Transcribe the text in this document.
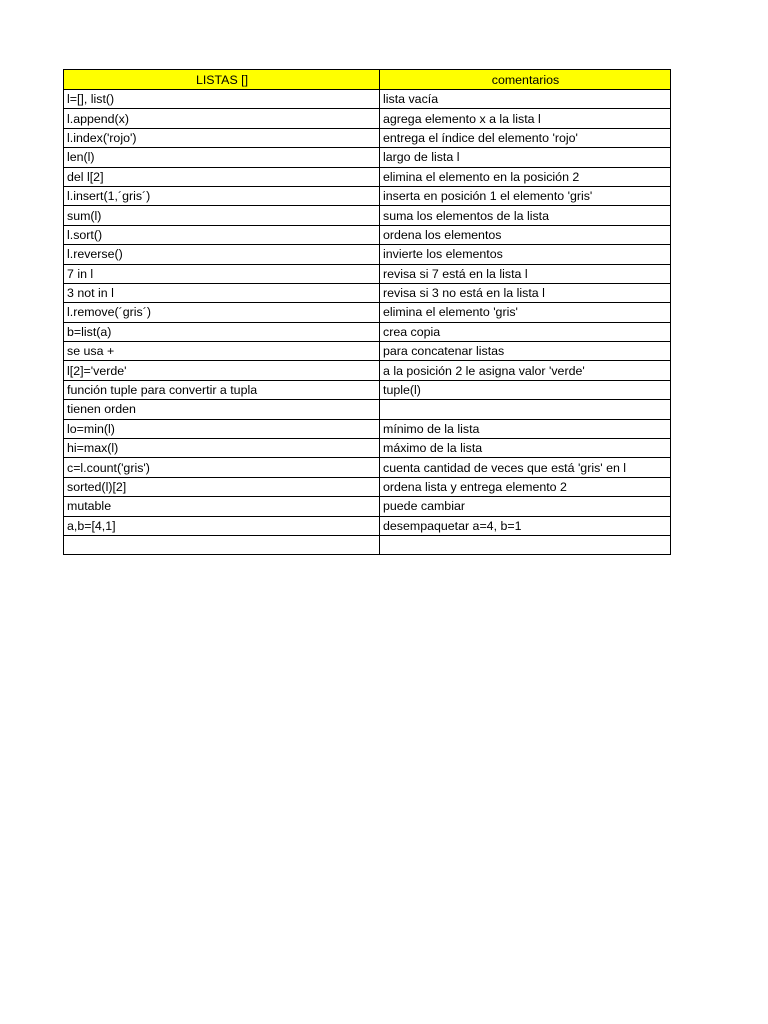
LISTAS []	comentarios
l=[], list()	lista vacía
l.append(x)	agrega elemento x a la lista l
l.index('rojo')	entrega el índice del elemento 'rojo'
len(l)	largo de lista l
del l[2]	elimina el elemento en la posición 2
l.insert(1,´gris´)	inserta en posición 1 el elemento 'gris'
sum(l)	suma los elementos de la lista
l.sort()	ordena los elementos
l.reverse()	invierte los elementos
7 in l	revisa si 7 está en la lista l
3 not in l	revisa si 3 no está en la lista l
l.remove(´gris´)	elimina el elemento 'gris'
b=list(a)	crea copia
se usa +	para concatenar listas
l[2]='verde'	a la posición 2 le asigna valor 'verde'
función tuple para convertir a tupla	tuple(l)
tienen orden	
lo=min(l)	mínimo de la lista
hi=max(l)	máximo de la lista
c=l.count('gris')	cuenta cantidad de veces que está 'gris' en l
sorted(l)[2]	ordena lista y entrega elemento 2
mutable	puede cambiar
a,b=[4,1]	desempaquetar a=4, b=1
